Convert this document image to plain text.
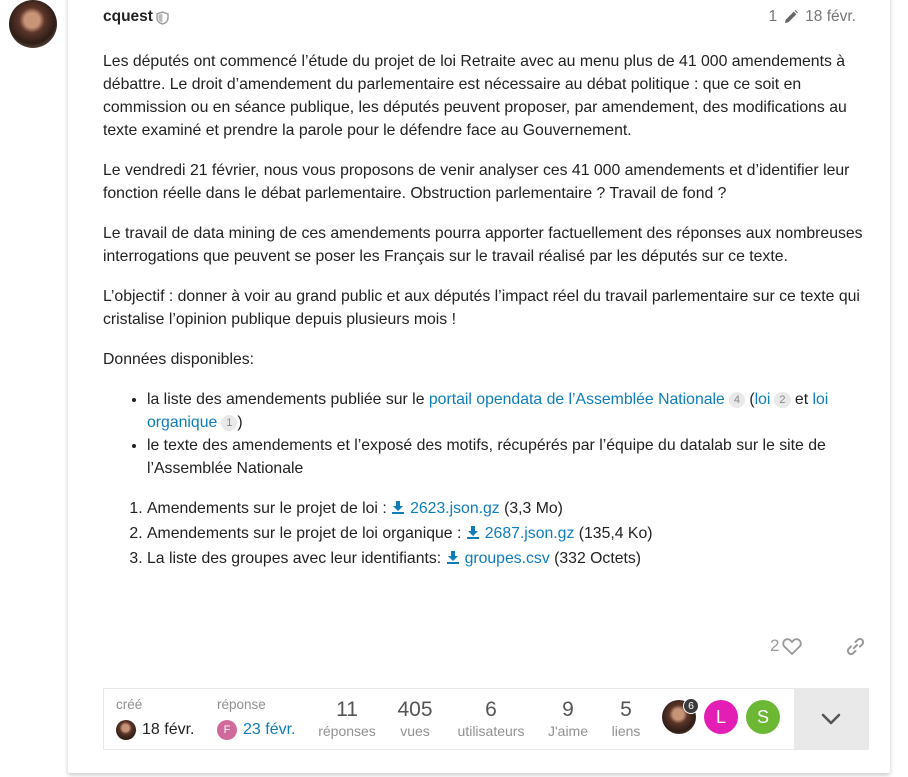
cquest	1 18 févr.

Les députés ont commencé l’étude du projet de loi Retraite avec au menu plus de 41 000 amendements à débattre. Le droit d’amendement du parlementaire est nécessaire au débat politique : que ce soit en commission ou en séance publique, les députés peuvent proposer, par amendement, des modifications au texte examiné et prendre la parole pour le défendre face au Gouvernement.

Le vendredi 21 février, nous vous proposons de venir analyser ces 41 000 amendements et d’identifier leur fonction réelle dans le débat parlementaire. Obstruction parlementaire ? Travail de fond ?

Le travail de data mining de ces amendements pourra apporter factuellement des réponses aux nombreuses interrogations que peuvent se poser les Français sur le travail réalisé par les députés sur ce texte.

L’objectif : donner à voir au grand public et aux députés l’impact réel du travail parlementaire sur ce texte qui cristalise l’opinion publique depuis plusieurs mois !

Données disponibles:

• la liste des amendements publiée sur le portail opendata de l’Assemblée Nationale 4 (loi 2 et loi organique 1 )
• le texte des amendements et l’exposé des motifs, récupérés par l’équipe du datalab sur le site de l’Assemblée Nationale
1. Amendements sur le projet de loi : 2623.json.gz (3,3 Mo)
2. Amendements sur le projet de loi organique : 2687.json.gz (135,4 Ko)
3. La liste des groupes avec leur identifiants: groupes.csv (332 Octets)
2
créé
18 févr.
réponse
F 23 févr.
11
réponses
405
vues
6
utilisateurs
9
J'aime
5
liens
6
L	S
